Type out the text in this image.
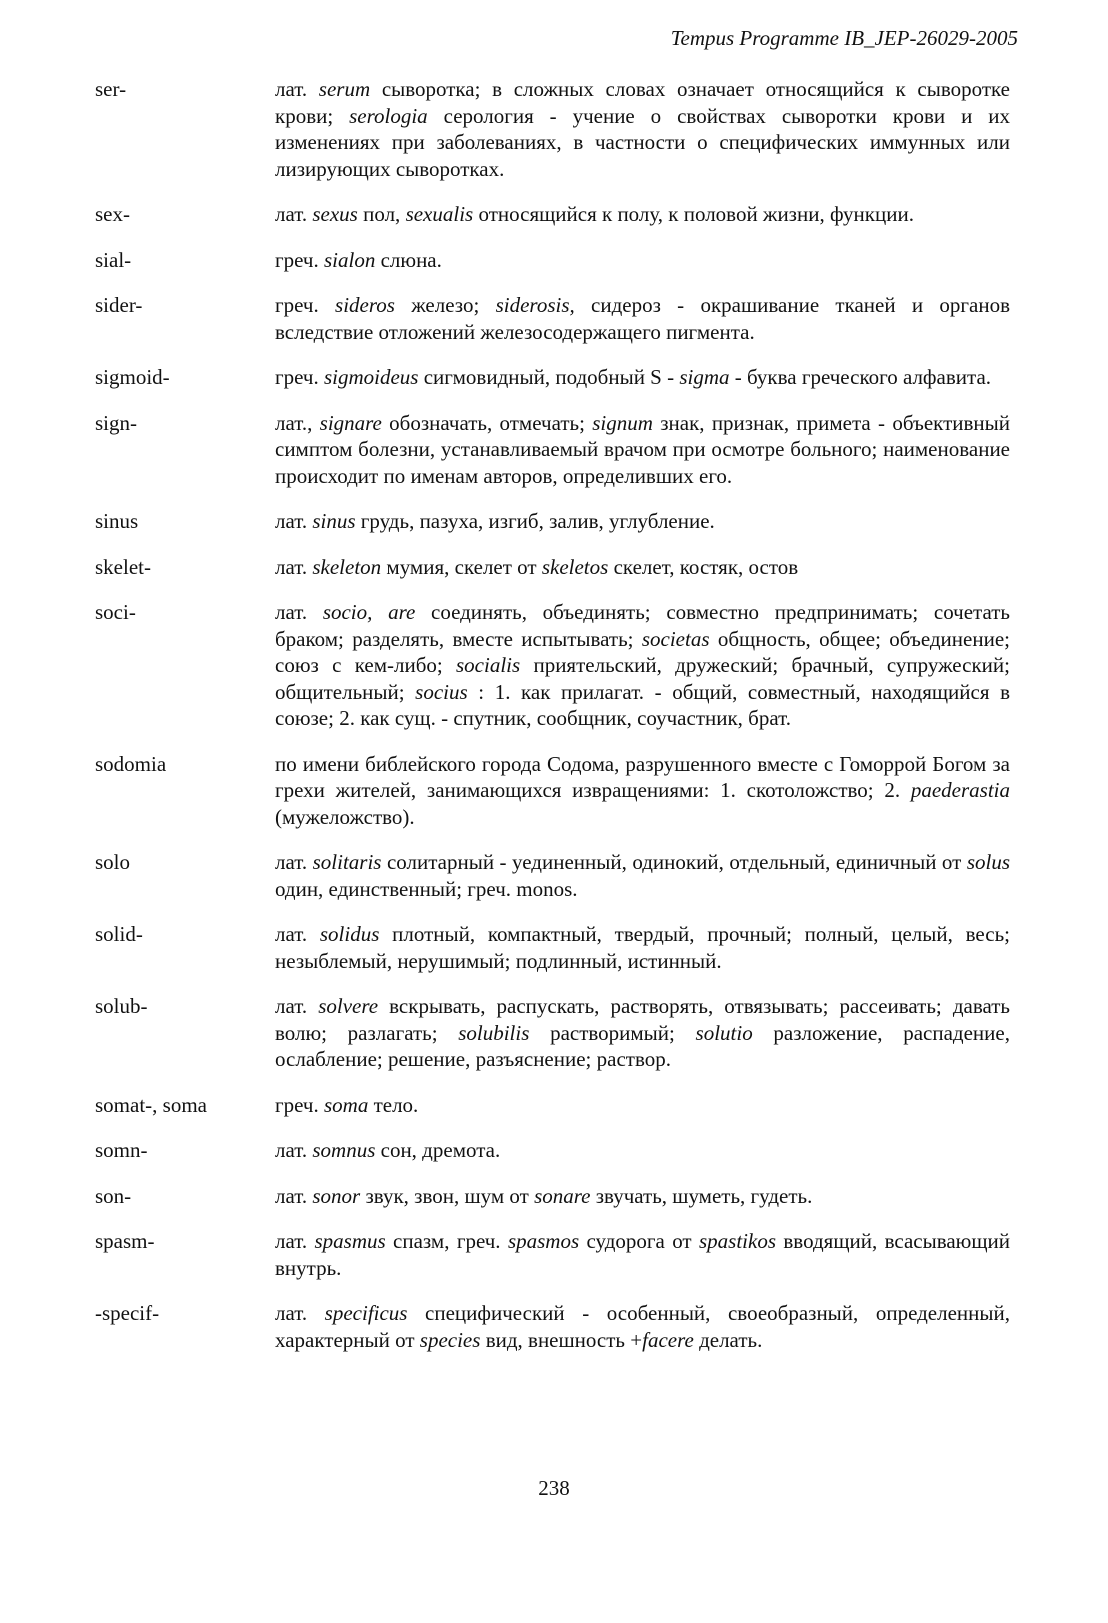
Tempus Programme IB_JEP-26029-2005
ser-	лат. serum сыворотка; в сложных словах означает относящийся к сыворотке крови; serologia серология - учение о свойствах сыворотки крови и их изменениях при заболеваниях, в частности о специфических иммунных или лизирующих сыворотках.
sex-	лат. sexus пол, sexualis относящийся к полу, к половой жизни, функции.
sial-	греч. sialon слюна.
sider-	греч. sideros железо; siderosis, сидероз - окрашивание тканей и органов вследствие отложений железосодержащего пигмента.
sigmoid-	греч. sigmoideus сигмовидный, подобный S - sigma - буква греческого алфавита.
sign-	лат., signare обозначать, отмечать; signum знак, признак, примета - объективный симптом болезни, устанавливаемый врачом при осмотре больного; наименование происходит по именам авторов, определивших его.
sinus	лат. sinus грудь, пазуха, изгиб, залив, углубление.
skelet-	лат. skeleton мумия, скелет от skeletos скелет, костяк, остов
soci-	лат. socio, are соединять, объединять; совместно предпринимать; сочетать браком; разделять, вместе испытывать; societas общность, общее; объединение; союз с кем-либо; socialis приятельский, дружеский; брачный, супружеский; общительный; socius : 1. как прилагат. - общий, совместный, находящийся в союзе; 2. как сущ. - спутник, сообщник, соучастник, брат.
sodomia	по имени библейского города Содома, разрушенного вместе с Гоморрой Богом за грехи жителей, занимающихся извращениями: 1. скотоложство; 2. paederastia (мужеложство).
solo	лат. solitaris солитарный - уединенный, одинокий, отдельный, единичный от solus один, единственный; греч. monos.
solid-	лат. solidus плотный, компактный, твердый, прочный; полный, целый, весь; незыблемый, нерушимый; подлинный, истинный.
solub-	лат. solvere вскрывать, распускать, растворять, отвязывать; рассеивать; давать волю; разлагать; solubilis растворимый; solutio разложение, распадение, ослабление; решение, разъяснение; раствор.
somat-, soma	греч. soma тело.
somn-	лат. somnus сон, дремота.
son-	лат. sonor звук, звон, шум от sonare звучать, шуметь, гудеть.
spasm-	лат. spasmus спазм, греч. spasmos судорога от spastikos вводящий, всасывающий внутрь.
-specif-	лат. specificus специфический - особенный, своеобразный, определенный, характерный от species вид, внешность +facere делать.
238
